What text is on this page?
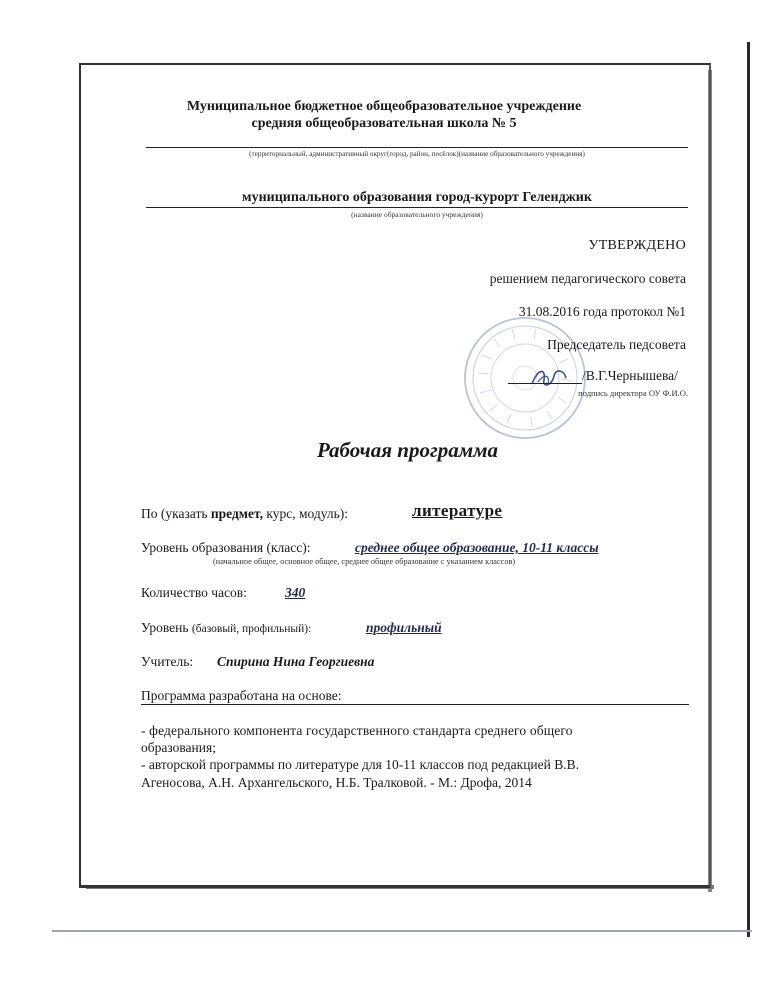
Муниципальное бюджетное общеобразовательное учреждение
средняя общеобразовательная школа № 5
(территориальный, административный округ(город, район, посёлок)(название образовательного учреждения)
муниципального образования город-курорт Геленджик
(название образовательного учреждения)
УТВЕРЖДЕНО
решением педагогического совета
31.08.2016 года протокол №1
Председатель педсовета
/В.Г.Чернышева/
подпись директора ОУ Ф.И.О.
Рабочая программа
По (указать предмет, курс, модуль):	литературе
Уровень образования (класс):	среднее общее образование, 10-11 классы
(начальное общее, основное общее, среднее общее образование с указанием классов)
Количество часов:	340
Уровень (базовый, профильный):	профильный
Учитель: Спирина Нина Георгиевна
Программа разработана на основе:
- федерального компонента государственного стандарта среднего общего
образования;
- авторской программы по литературе для 10-11 классов под редакцией В.В.
Агеносова, А.Н. Архангельского, Н.Б. Тралковой. - М.: Дрофа, 2014
